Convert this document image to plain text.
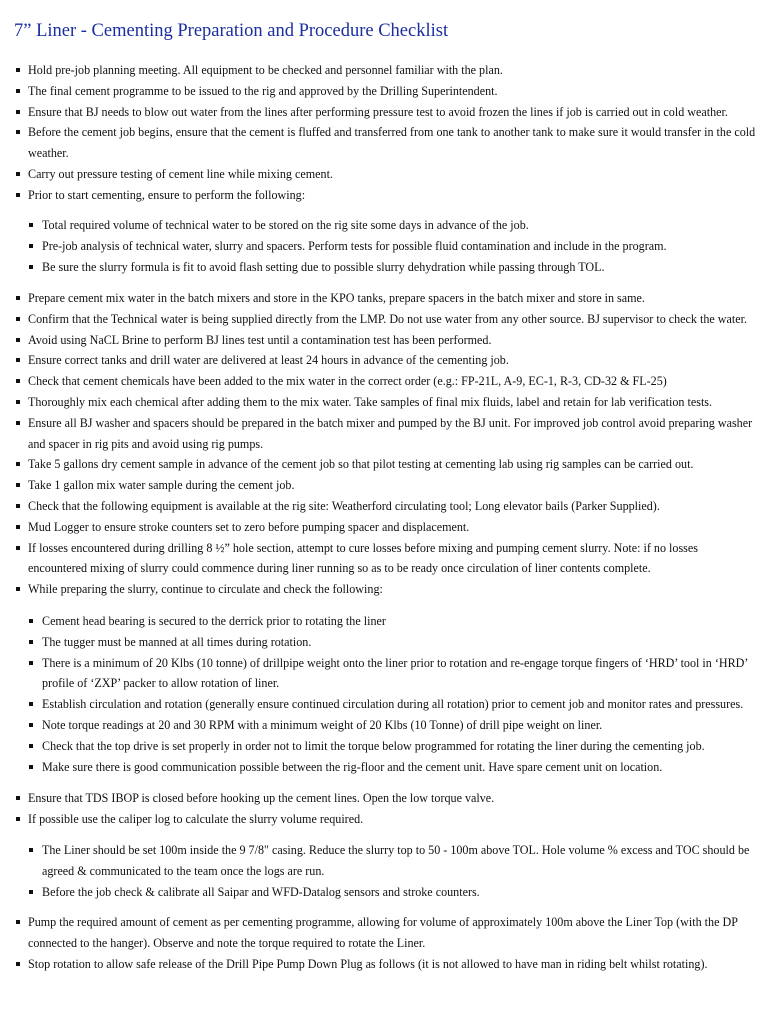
7” Liner - Cementing Preparation and Procedure Checklist
Hold pre-job planning meeting. All equipment to be checked and personnel familiar with the plan.
The final cement programme to be issued to the rig and approved by the Drilling Superintendent.
Ensure that BJ needs to blow out water from the lines after performing pressure test to avoid frozen the lines if job is carried out in cold weather.
Before the cement job begins, ensure that the cement is fluffed and transferred from one tank to another tank to make sure it would transfer in the cold weather.
Carry out pressure testing of cement line while mixing cement.
Prior to start cementing, ensure to perform the following:
Total required volume of technical water to be stored on the rig site some days in advance of the job.
Pre-job analysis of technical water, slurry and spacers. Perform tests for possible fluid contamination and include in the program.
Be sure the slurry formula is fit to avoid flash setting due to possible slurry dehydration while passing through TOL.
Prepare cement mix water in the batch mixers and store in the KPO tanks, prepare spacers in the batch mixer and store in same.
Confirm that the Technical water is being supplied directly from the LMP. Do not use water from any other source. BJ supervisor to check the water.
Avoid using NaCL Brine to perform BJ lines test until a contamination test has been performed.
Ensure correct tanks and drill water are delivered at least 24 hours in advance of the cementing job.
Check that cement chemicals have been added to the mix water in the correct order (e.g.: FP-21L, A-9, EC-1, R-3, CD-32 & FL-25)
Thoroughly mix each chemical after adding them to the mix water. Take samples of final mix fluids, label and retain for lab verification tests.
Ensure all BJ washer and spacers should be prepared in the batch mixer and pumped by the BJ unit. For improved job control avoid preparing washer and spacer in rig pits and avoid using rig pumps.
Take 5 gallons dry cement sample in advance of the cement job so that pilot testing at cementing lab using rig samples can be carried out.
Take 1 gallon mix water sample during the cement job.
Check that the following equipment is available at the rig site: Weatherford circulating tool; Long elevator bails (Parker Supplied).
Mud Logger to ensure stroke counters set to zero before pumping spacer and displacement.
If losses encountered during drilling 8 ½” hole section, attempt to cure losses before mixing and pumping cement slurry. Note: if no losses encountered mixing of slurry could commence during liner running so as to be ready once circulation of liner contents complete.
While preparing the slurry, continue to circulate and check the following:
Cement head bearing is secured to the derrick prior to rotating the liner
The tugger must be manned at all times during rotation.
There is a minimum of 20 Klbs (10 tonne) of drillpipe weight onto the liner prior to rotation and re-engage torque fingers of ‘HRD’ tool in ‘HRD’ profile of ‘ZXP’ packer to allow rotation of liner.
Establish circulation and rotation (generally ensure continued circulation during all rotation) prior to cement job and monitor rates and pressures.
Note torque readings at 20 and 30 RPM with a minimum weight of 20 Klbs (10 Tonne) of drill pipe weight on liner.
Check that the top drive is set properly in order not to limit the torque below programmed for rotating the liner during the cementing job.
Make sure there is good communication possible between the rig-floor and the cement unit. Have spare cement unit on location.
Ensure that TDS IBOP is closed before hooking up the cement lines. Open the low torque valve.
If possible use the caliper log to calculate the slurry volume required.
The Liner should be set 100m inside the 9 7/8" casing. Reduce the slurry top to 50 - 100m above TOL. Hole volume % excess and TOC should be agreed & communicated to the team once the logs are run.
Before the job check & calibrate all Saipar and WFD-Datalog sensors and stroke counters.
Pump the required amount of cement as per cementing programme, allowing for volume of approximately 100m above the Liner Top (with the DP connected to the hanger). Observe and note the torque required to rotate the Liner.
Stop rotation to allow safe release of the Drill Pipe Pump Down Plug as follows (it is not allowed to have man in riding belt whilst rotating).
